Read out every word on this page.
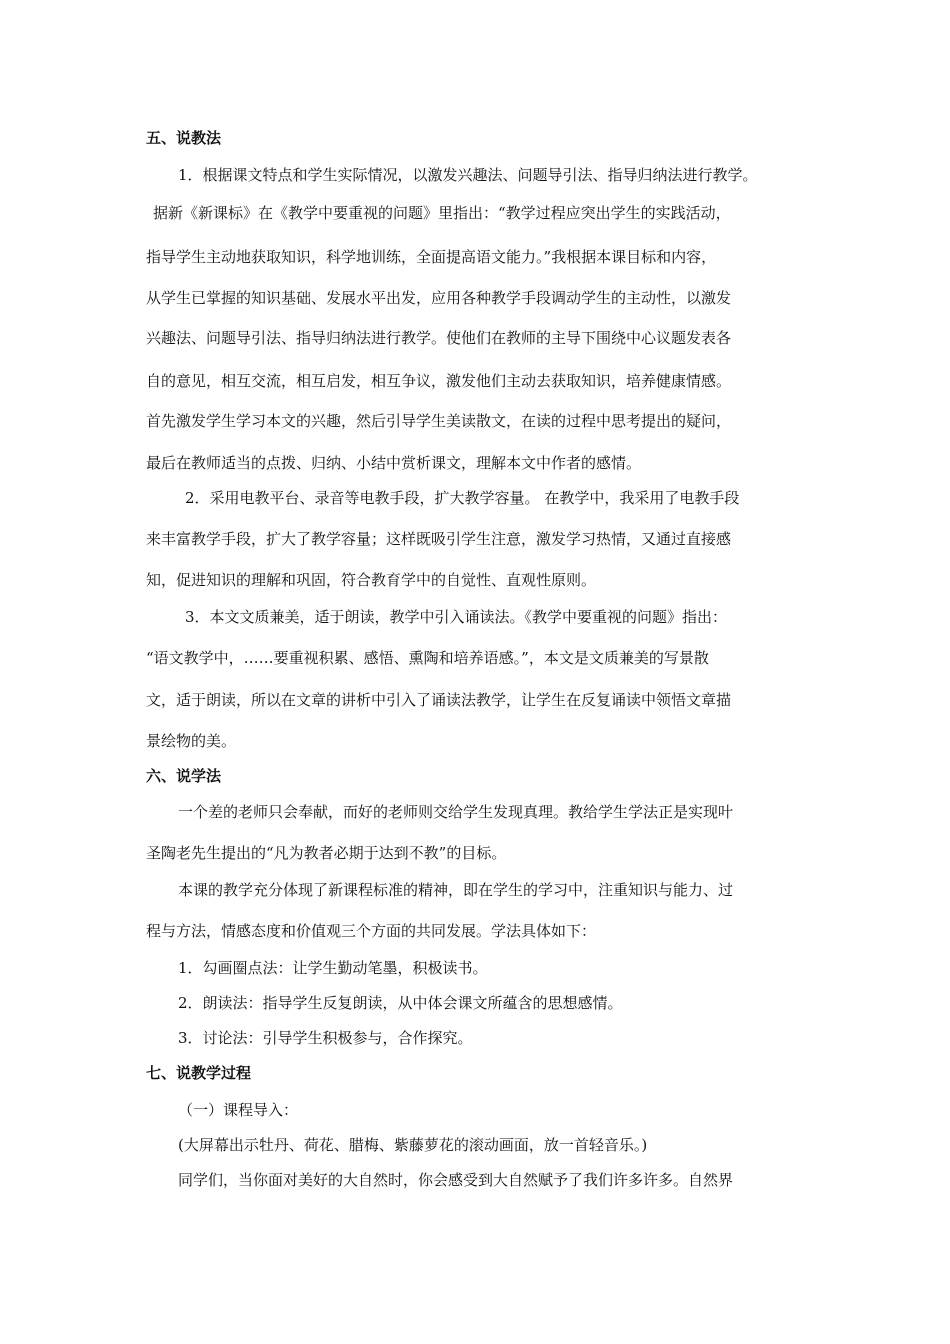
五、说教法
1．根据课文特点和学生实际情况，以激发兴趣法、问题导引法、指导归纳法进行教学。
据新《新课标》在《教学中要重视的问题》里指出：“教学过程应突出学生的实践活动，
指导学生主动地获取知识，科学地训练，全面提高语文能力。”我根据本课目标和内容，
从学生已掌握的知识基础、发展水平出发，应用各种教学手段调动学生的主动性，以激发
兴趣法、问题导引法、指导归纳法进行教学。使他们在教师的主导下围绕中心议题发表各
自的意见，相互交流，相互启发，相互争议，激发他们主动去获取知识，培养健康情感。
首先激发学生学习本文的兴趣，然后引导学生美读散文，在读的过程中思考提出的疑问，
最后在教师适当的点拨、归纳、小结中赏析课文，理解本文中作者的感情。
2．采用电教平台、录音等电教手段，扩大教学容量。 在教学中，我采用了电教手段
来丰富教学手段，扩大了教学容量；这样既吸引学生注意，激发学习热情，又通过直接感
知，促进知识的理解和巩固，符合教育学中的自觉性、直观性原则。
3．本文文质兼美，适于朗读，教学中引入诵读法。《教学中要重视的问题》指出：
“语文教学中，……要重视积累、感悟、熏陶和培养语感。”，本文是文质兼美的写景散
文，适于朗读，所以在文章的讲析中引入了诵读法教学，让学生在反复诵读中领悟文章描
景绘物的美。
六、说学法
一个差的老师只会奉献，而好的老师则交给学生发现真理。教给学生学法正是实现叶
圣陶老先生提出的“凡为教者必期于达到不教”的目标。
本课的教学充分体现了新课程标准的精神，即在学生的学习中，注重知识与能力、过
程与方法，情感态度和价值观三个方面的共同发展。学法具体如下：
1．勾画圈点法：让学生勤动笔墨，积极读书。
2．朗读法：指导学生反复朗读，从中体会课文所蕴含的思想感情。
3．讨论法：引导学生积极参与，合作探究。
七、说教学过程
（一）课程导入：
(大屏幕出示牡丹、荷花、腊梅、紫藤萝花的滚动画面，放一首轻音乐。)
同学们，当你面对美好的大自然时，你会感受到大自然赋予了我们许多许多。自然界
